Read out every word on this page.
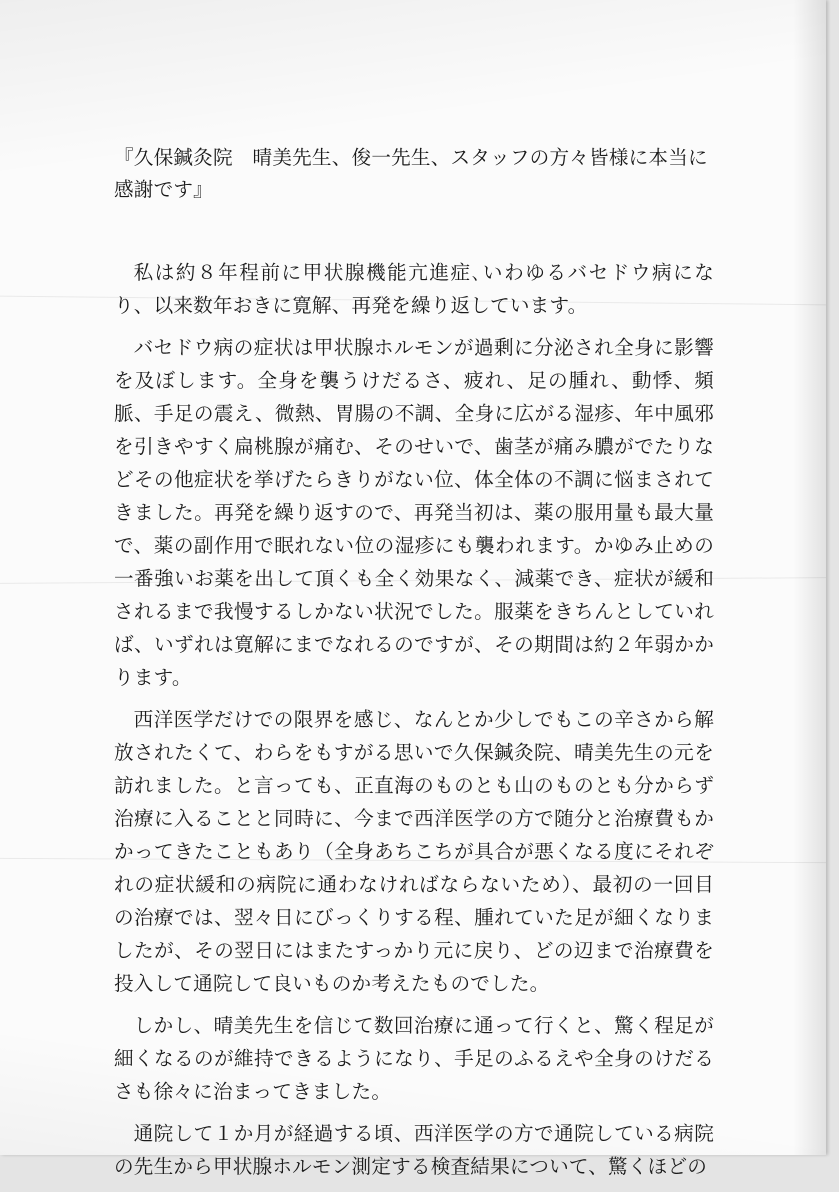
『久保鍼灸院　晴美先生、俊一先生、スタッフの方々皆様に本当に
感謝です』

私は約８年程前に甲状腺機能亢進症､いわゆるバセドウ病になり、以来数年おきに寛解、再発を繰り返しています。

バセドウ病の症状は甲状腺ホルモンが過剰に分泌され全身に影響を及ぼします。全身を襲うけだるさ、疲れ、足の腫れ、動悸、頻脈、手足の震え、微熱、胃腸の不調、全身に広がる湿疹、年中風邪を引きやすく扁桃腺が痛む、そのせいで、歯茎が痛み膿がでたりなどその他症状を挙げたらきりがない位、体全体の不調に悩まされてきました。再発を繰り返すので、再発当初は、薬の服用量も最大量で、薬の副作用で眠れない位の湿疹にも襲われます。かゆみ止めの一番強いお薬を出して頂くも全く効果なく、減薬でき、症状が緩和されるまで我慢するしかない状況でした。服薬をきちんとしていれば、いずれは寛解にまでなれるのですが、その期間は約２年弱かかります。

西洋医学だけでの限界を感じ、なんとか少しでもこの辛さから解放されたくて、わらをもすがる思いで久保鍼灸院、晴美先生の元を訪れました。と言っても、正直海のものとも山のものとも分からず治療に入ることと同時に、今まで西洋医学の方で随分と治療費もかかってきたこともあり（全身あちこちが具合が悪くなる度にそれぞれの症状緩和の病院に通わなければならないため）、最初の一回目の治療では、翌々日にびっくりする程、腫れていた足が細くなりましたが、その翌日にはまたすっかり元に戻り、どの辺まで治療費を投入して通院して良いものか考えたものでした。

しかし、晴美先生を信じて数回治療に通って行くと、驚く程足が細くなるのが維持できるようになり、手足のふるえや全身のけだるさも徐々に治まってきました。

通院して１か月が経過する頃、西洋医学の方で通院している病院の先生から甲状腺ホルモン測定する検査結果について、驚くほどの
